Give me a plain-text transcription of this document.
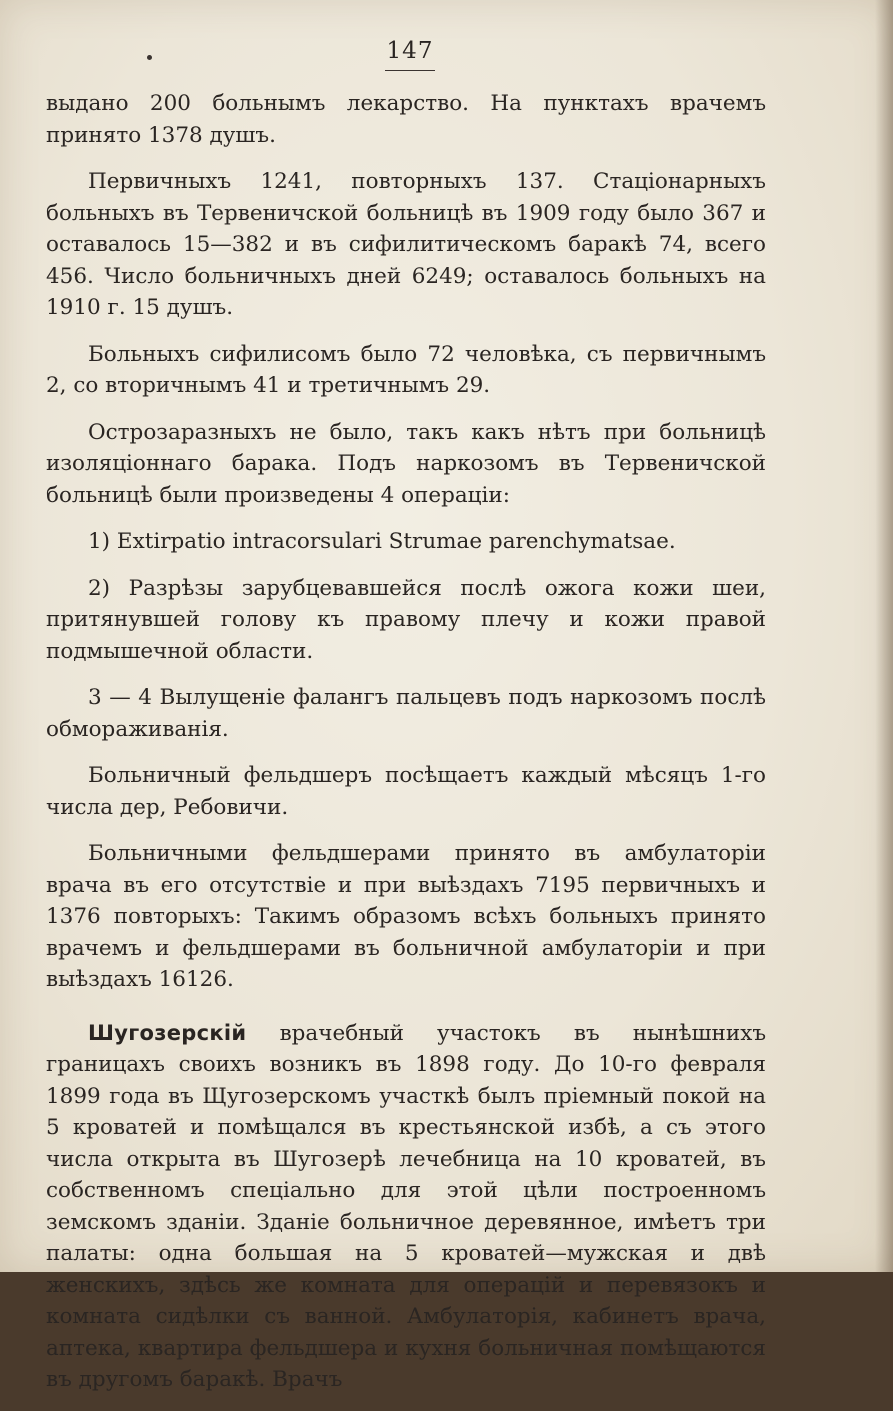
147

выдано 200 больнымъ лекарство. На пунктахъ врачемъ принято 1378 душъ.

Первичныхъ 1241, повторныхъ 137. Стаціонарныхъ больныхъ въ Тервеничской больницѣ въ 1909 году было 367 и оставалось 15—382 и въ сифилитическомъ баракѣ 74, всего 456. Число больничныхъ дней 6249; оставалось больныхъ на 1910 г. 15 душъ.

Больныхъ сифилисомъ было 72 человѣка, съ первичнымъ 2, со вторичнымъ 41 и третичнымъ 29.

Острозаразныхъ не было, такъ какъ нѣтъ при больницѣ изоляціоннаго барака. Подъ наркозомъ въ Тервеничской больницѣ были произведены 4 операціи:

1) Extirpatio intracorsulari Strumae parenchymatsae.

2) Разрѣзы зарубцевавшейся послѣ ожога кожи шеи, притянувшей голову къ правому плечу и кожи правой подмышечной области.

3 — 4 Вылущеніе фалангъ пальцевъ подъ наркозомъ послѣ обмораживанія.

Больничный фельдшеръ посѣщаетъ каждый мѣсяцъ 1-го числа дер, Ребовичи.

Больничными фельдшерами принято въ амбулаторіи врача въ его отсутствіе и при выѣздахъ 7195 первичныхъ и 1376 повторыхъ: Такимъ образомъ всѣхъ больныхъ принято врачемъ и фельдшерами въ больничной амбулаторіи и при выѣздахъ 16126.

Шугозерскій врачебный участокъ въ нынѣшнихъ границахъ своихъ возникъ въ 1898 году. До 10-го февраля 1899 года въ Щугозерскомъ участкѣ былъ пріемный покой на 5 кроватей и помѣщался въ крестьянской избѣ, а съ этого числа открыта въ Шугозерѣ лечебница на 10 кроватей, въ собственномъ спеціально для этой цѣли построенномъ земскомъ зданіи. Зданіе больничное деревянное, имѣетъ три палаты: одна большая на 5 кроватей—мужская и двѣ женскихъ, здѣсь же комната для операцій и перевязокъ и комната сидѣлки съ ванной. Амбулаторія, кабинетъ врача, аптека, квартира фельдшера и кухня больничная помѣщаются въ другомъ баракѣ. Врачъ
